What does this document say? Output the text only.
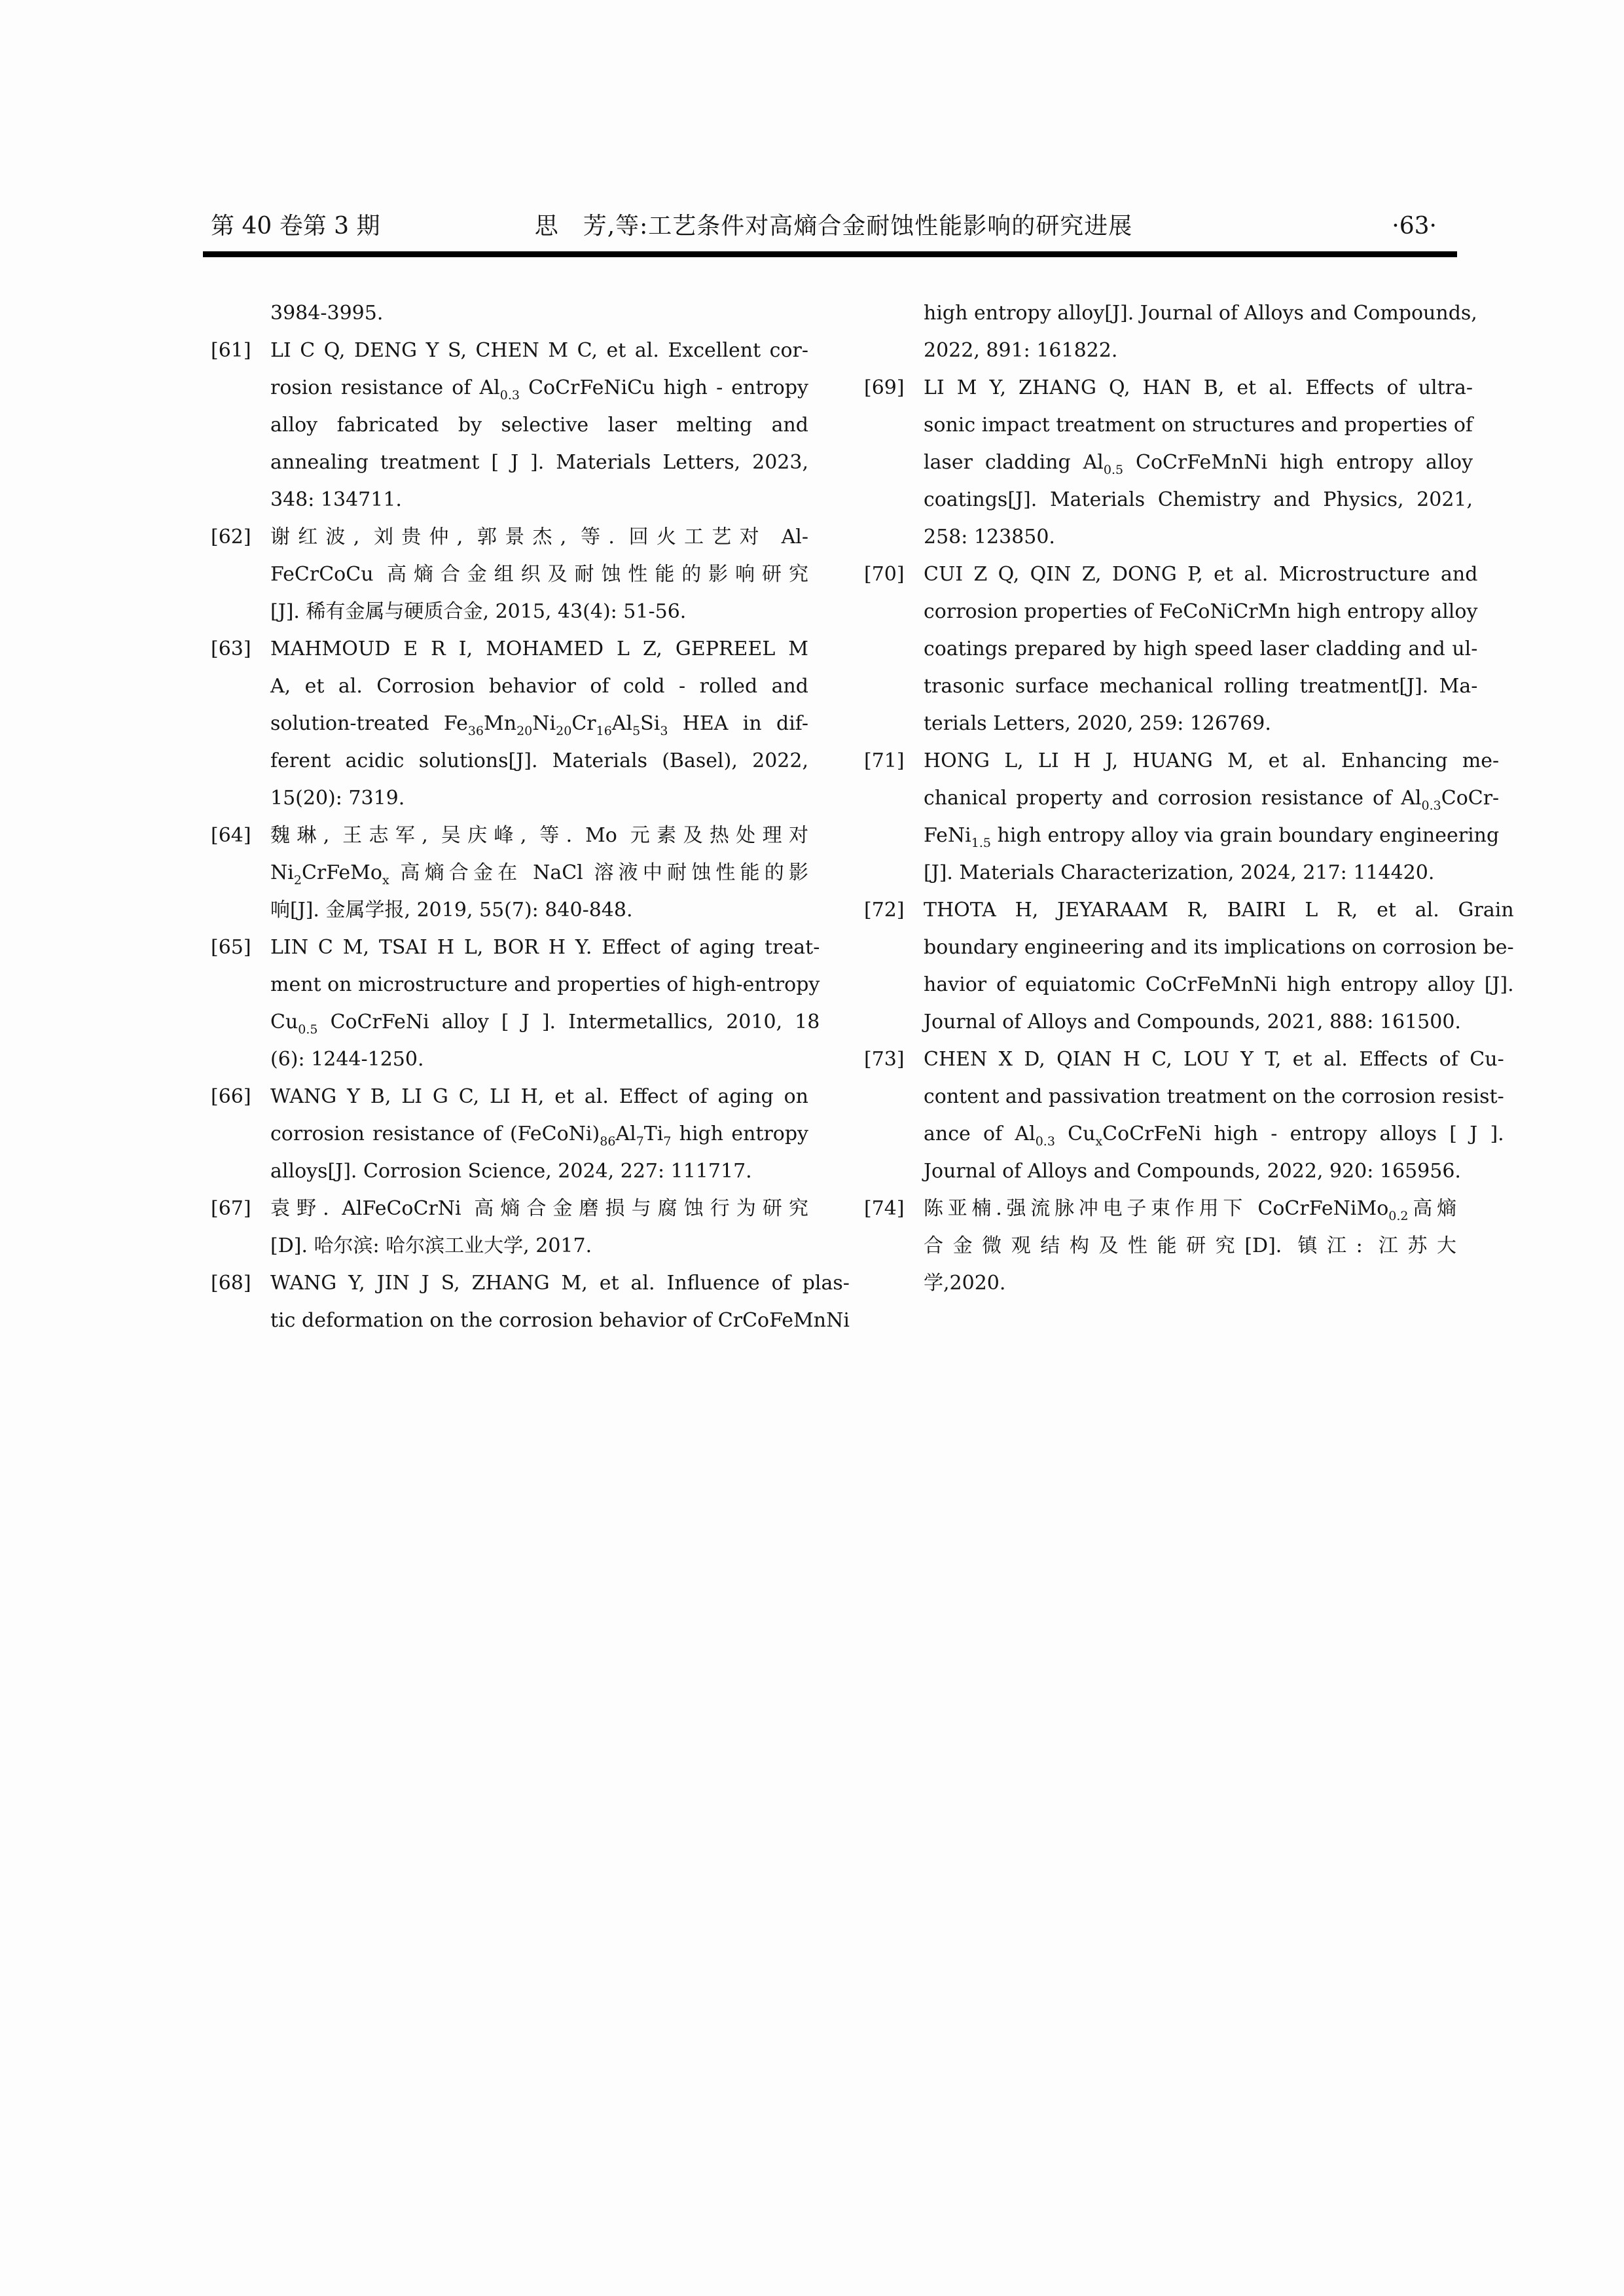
第 40 卷第 3 期	思　芳,等:工艺条件对高熵合金耐蚀性能影响的研究进展	·63·
3984-3995.
[61] LI C Q, DENG Y S, CHEN M C, et al. Excellent cor-
rosion resistance of $Al_{0.3}$ CoCrFeNiCu high - entropy
alloy fabricated by selective laser melting and
annealing treatment [ J ]. Materials Letters, 2023,
348: 134711.
[62] 谢红波, 刘贵仲, 郭景杰, 等. 回火工艺对 Al-
FeCrCoCu 高熵合金组织及耐蚀性能的影响研究
[J]. 稀有金属与硬质合金, 2015, 43(4): 51-56.
[63] MAHMOUD E R I, MOHAMED L Z, GEPREEL M
A, et al. Corrosion behavior of cold - rolled and
solution-treated $Fe_{36}Mn_{20}Ni_{20}Cr_{16}Al_5Si_3$ HEA in dif-
ferent acidic solutions[J]. Materials (Basel), 2022,
15(20): 7319.
[64] 魏琳, 王志军, 吴庆峰, 等. Mo 元素及热处理对
$Ni_2CrFeMo_x$ 高熵合金在 NaCl 溶液中耐蚀性能的影
响[J]. 金属学报, 2019, 55(7): 840-848.
[65] LIN C M, TSAI H L, BOR H Y. Effect of aging treat-
ment on microstructure and properties of high-entropy
$Cu_{0.5}$ CoCrFeNi alloy [ J ]. Intermetallics, 2010, 18
(6): 1244-1250.
[66] WANG Y B, LI G C, LI H, et al. Effect of aging on
corrosion resistance of $(FeCoNi)_{86}Al_7Ti_7$ high entropy
alloys[J]. Corrosion Science, 2024, 227: 111717.
[67] 袁野. AlFeCoCrNi 高熵合金磨损与腐蚀行为研究
[D]. 哈尔滨: 哈尔滨工业大学, 2017.
[68] WANG Y, JIN J S, ZHANG M, et al. Influence of plas-
tic deformation on the corrosion behavior of CrCoFeMnNi
high entropy alloy[J]. Journal of Alloys and Compounds,
2022, 891: 161822.
[69] LI M Y, ZHANG Q, HAN B, et al. Effects of ultra-
sonic impact treatment on structures and properties of
laser cladding $Al_{0.5}$ CoCrFeMnNi high entropy alloy
coatings[J]. Materials Chemistry and Physics, 2021,
258: 123850.
[70] CUI Z Q, QIN Z, DONG P, et al. Microstructure and
corrosion properties of FeCoNiCrMn high entropy alloy
coatings prepared by high speed laser cladding and ul-
trasonic surface mechanical rolling treatment[J]. Ma-
terials Letters, 2020, 259: 126769.
[71] HONG L, LI H J, HUANG M, et al. Enhancing me-
chanical property and corrosion resistance of $Al_{0.3}CoCr-$
FeNi$_{1.5}$ high entropy alloy via grain boundary engineering
[J]. Materials Characterization, 2024, 217: 114420.
[72] THOTA H, JEYARAAM R, BAIRI L R, et al. Grain
boundary engineering and its implications on corrosion be-
havior of equiatomic CoCrFeMnNi high entropy alloy [J].
Journal of Alloys and Compounds, 2021, 888: 161500.
[73] CHEN X D, QIAN H C, LOU Y T, et al. Effects of Cu-
content and passivation treatment on the corrosion resist-
ance of $Al_{0.3}$ $Cu_xCoCrFeNi$ high - entropy alloys [ J ].
Journal of Alloys and Compounds, 2022, 920: 165956.
[74] 陈亚楠.强流脉冲电子束作用下 CoCrFeNiMo$_{0.2}$高熵
合金微观结构及性能研究[D]. 镇江: 江苏大
学,2020.
